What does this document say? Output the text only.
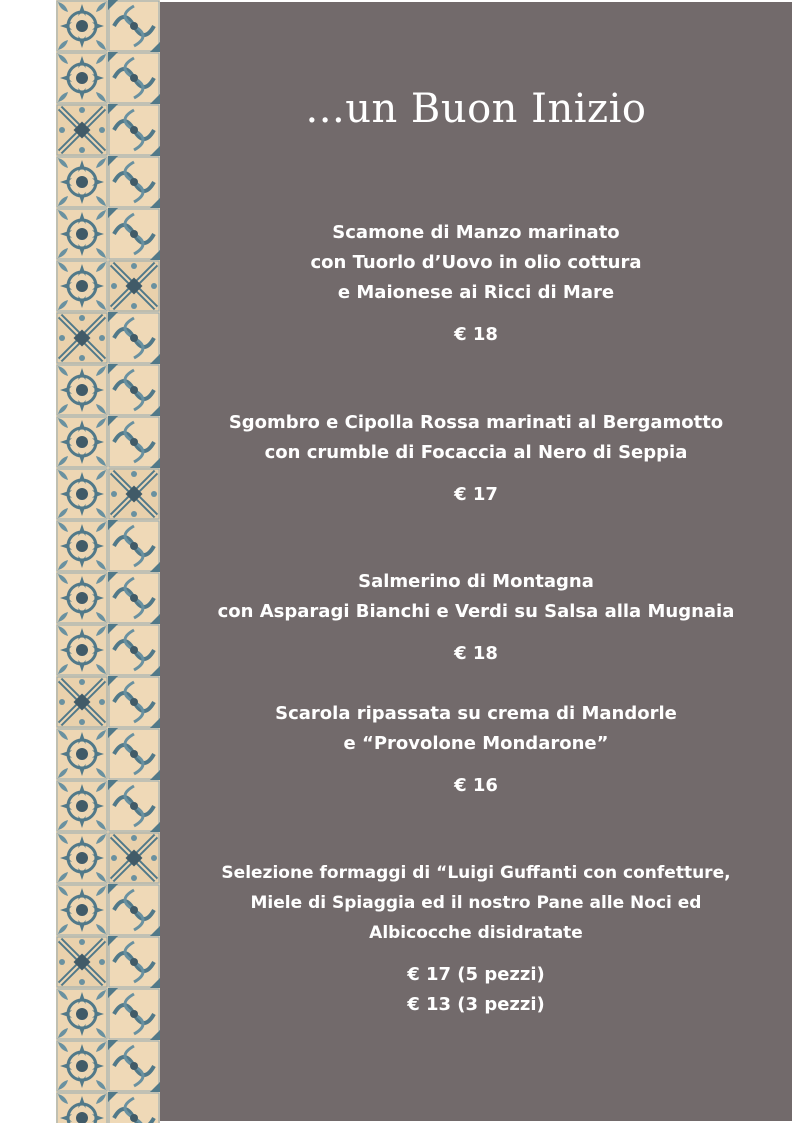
...un Buon Inizio
Scamone di Manzo marinato
con Tuorlo d’Uovo in olio cottura
e Maionese ai Ricci di Mare
€ 18
Sgombro e Cipolla Rossa marinati al Bergamotto
con crumble di Focaccia al Nero di Seppia
€ 17
Salmerino di Montagna
con Asparagi Bianchi e Verdi su Salsa alla Mugnaia
€ 18
Scarola ripassata su crema di Mandorle
e “Provolone Mondarone”
€ 16
Selezione formaggi di “Luigi Guffanti con confetture,
Miele di Spiaggia ed il nostro Pane alle Noci ed
Albicocche disidratate
€ 17 (5 pezzi)
€ 13 (3 pezzi)
